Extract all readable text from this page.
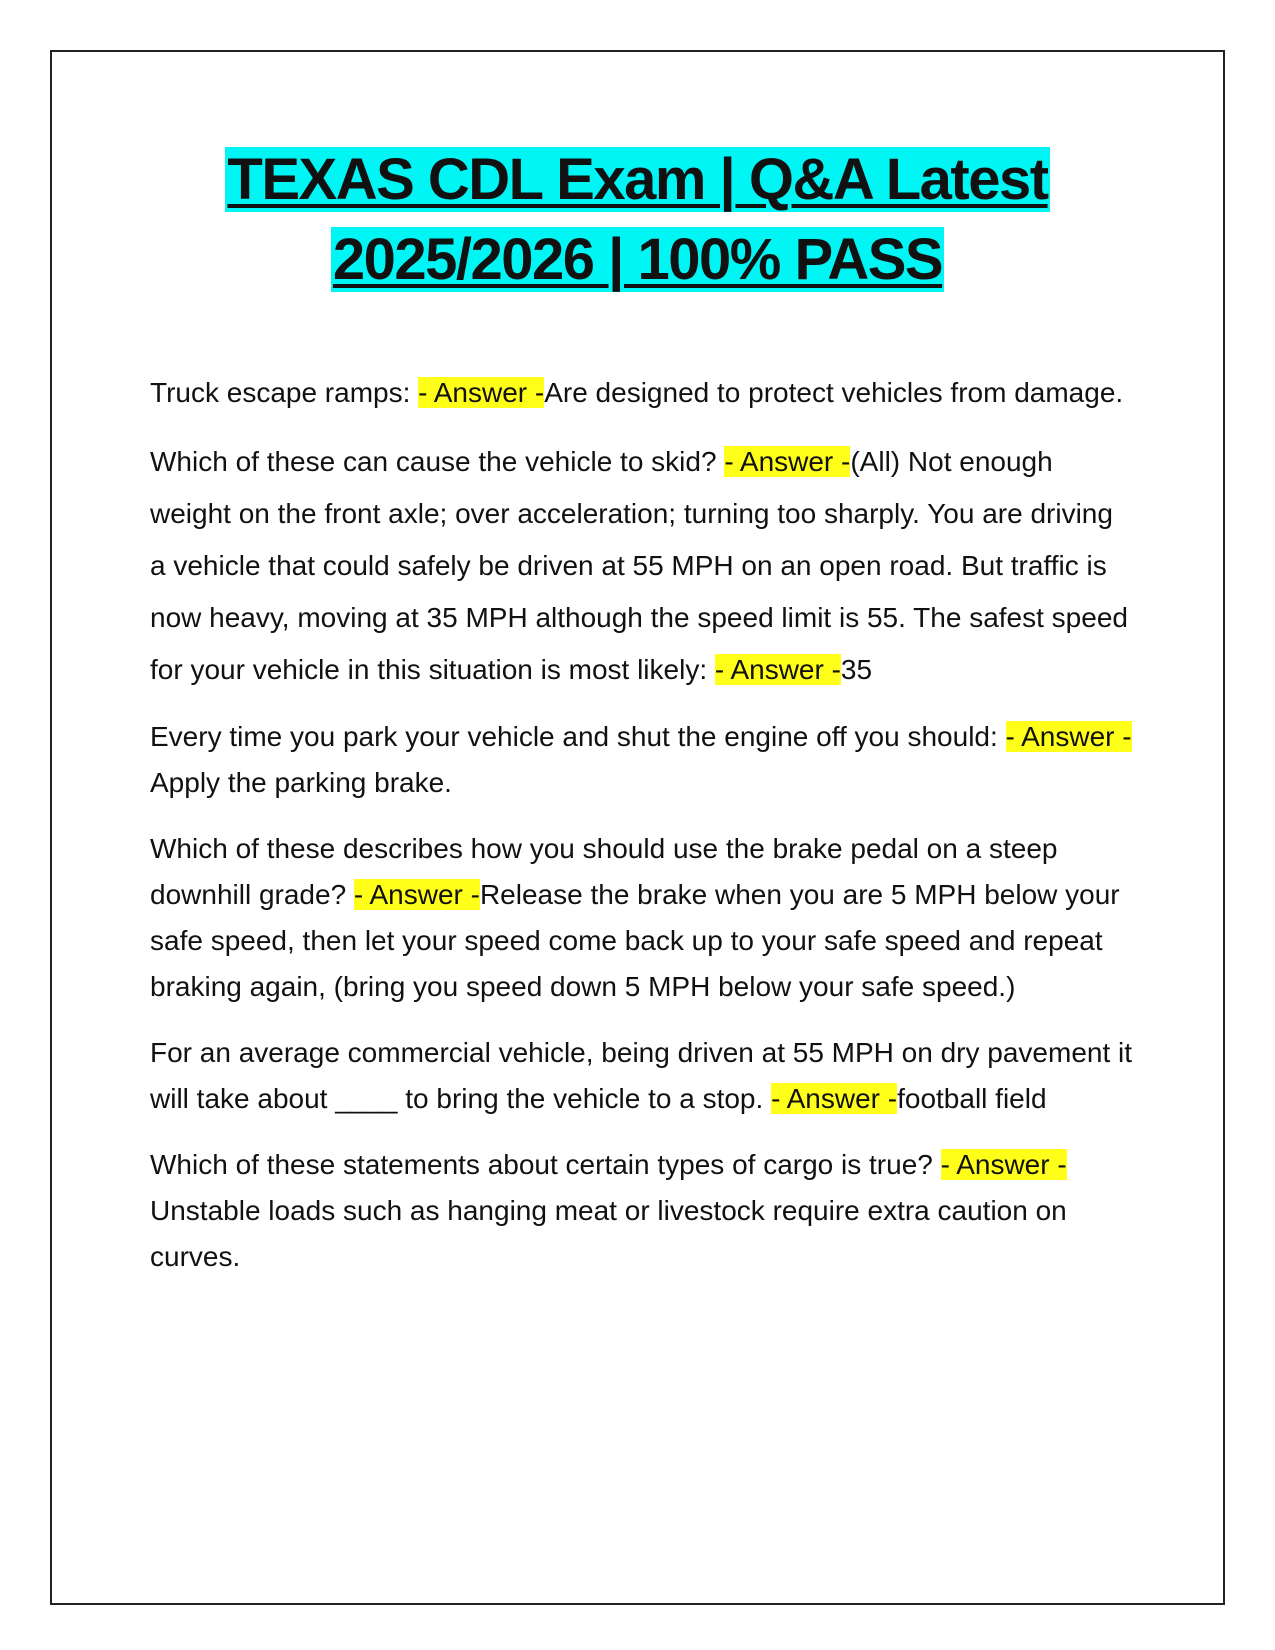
TEXAS CDL Exam | Q&A Latest
2025/2026 | 100% PASS

Truck escape ramps: - Answer -Are designed to protect vehicles from damage.

Which of these can cause the vehicle to skid? - Answer -(All) Not enough weight on the front axle; over acceleration; turning too sharply. You are driving a vehicle that could safely be driven at 55 MPH on an open road. But traffic is now heavy, moving at 35 MPH although the speed limit is 55. The safest speed for your vehicle in this situation is most likely: - Answer -35

Every time you park your vehicle and shut the engine off you should: - Answer -Apply the parking brake.

Which of these describes how you should use the brake pedal on a steep downhill grade? - Answer -Release the brake when you are 5 MPH below your safe speed, then let your speed come back up to your safe speed and repeat braking again, (bring you speed down 5 MPH below your safe speed.)

For an average commercial vehicle, being driven at 55 MPH on dry pavement it will take about ____ to bring the vehicle to a stop. - Answer -football field

Which of these statements about certain types of cargo is true? - Answer -Unstable loads such as hanging meat or livestock require extra caution on curves.
